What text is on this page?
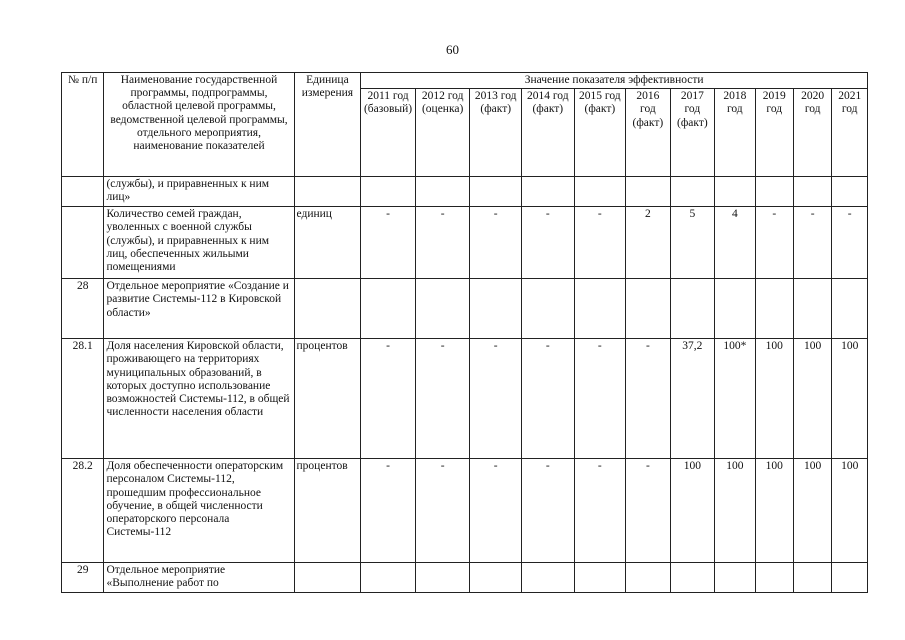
60
№ п/п	Наименование государственной программы, подпрограммы, областной целевой программы, ведомственной целевой программы, отдельного мероприятия, наименование показателей	Единица измерения	Значение показателя эффективности										
			2011 год (базовый)	2012 год (оценка)	2013 год (факт)	2014 год (факт)	2015 год (факт)	2016 год (факт)	2017 год (факт)	2018 год	2019 год	2020 год	2021 год
	(службы), и приравненных к ним лиц»												
	Количество семей граждан, уволенных с военной службы (службы), и приравненных к ним лиц, обеспеченных жильыми помещениями	единиц	-	-	-	-	-	2	5	4	-	-	-
28	Отдельное мероприятие «Создание и развитие Системы-112 в Кировской области»												
28.1	Доля населения Кировской области, проживающего на территориях муниципальных образований, в которых доступно использование возможностей Системы-112, в общей численности населения области	процентов	-	-	-	-	-	-	37,2	100*	100	100	100
28.2	Доля обеспеченности операторским персоналом Системы-112, прошедшим профессиональное обучение, в общей численности операторского персонала Системы-112	процентов	-	-	-	-	-	-	100	100	100	100	100
29	Отдельное мероприятие «Выполнение работ по												
